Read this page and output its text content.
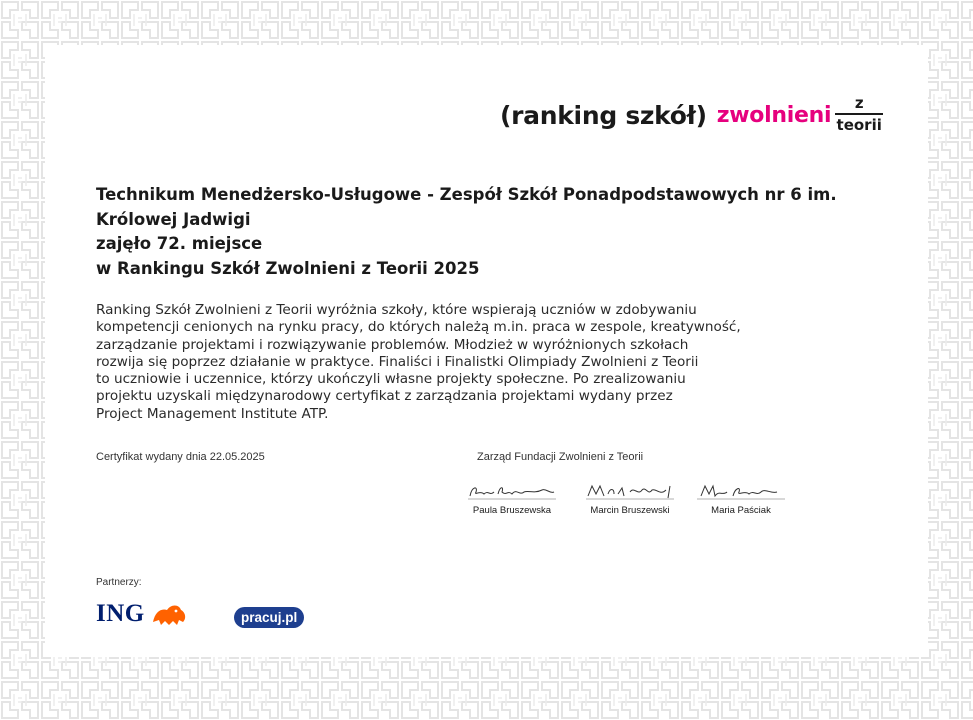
(ranking szkół) zwolnieni $\frac{z}{\text{teorii}}$
Technikum Menedżersko-Usługowe - Zespół Szkół Ponadpodstawowych nr 6 im.
Królowej Jadwigi
zajęło 72. miejsce
w Rankingu Szkół Zwolnieni z Teorii 2025
Ranking Szkół Zwolnieni z Teorii wyróżnia szkoły, które wspierają uczniów w zdobywaniu
kompetencji cenionych na rynku pracy, do których należą m.in. praca w zespole, kreatywność,
zarządzanie projektami i rozwiązywanie problemów. Młodzież w wyróżnionych szkołach
rozwija się poprzez działanie w praktyce. Finaliści i Finalistki Olimpiady Zwolnieni z Teorii
to uczniowie i uczennice, którzy ukończyli własne projekty społeczne. Po zrealizowaniu
projektu uzyskali międzynarodowy certyfikat z zarządzania projektami wydany przez
Project Management Institute ATP.
Certyfikat wydany dnia 22.05.2025	Zarząd Fundacji Zwolnieni z Teorii
Paula Bruszewska	Marcin Bruszewski	Maria Paściak
Partnerzy:
ING	pracuj.pl
